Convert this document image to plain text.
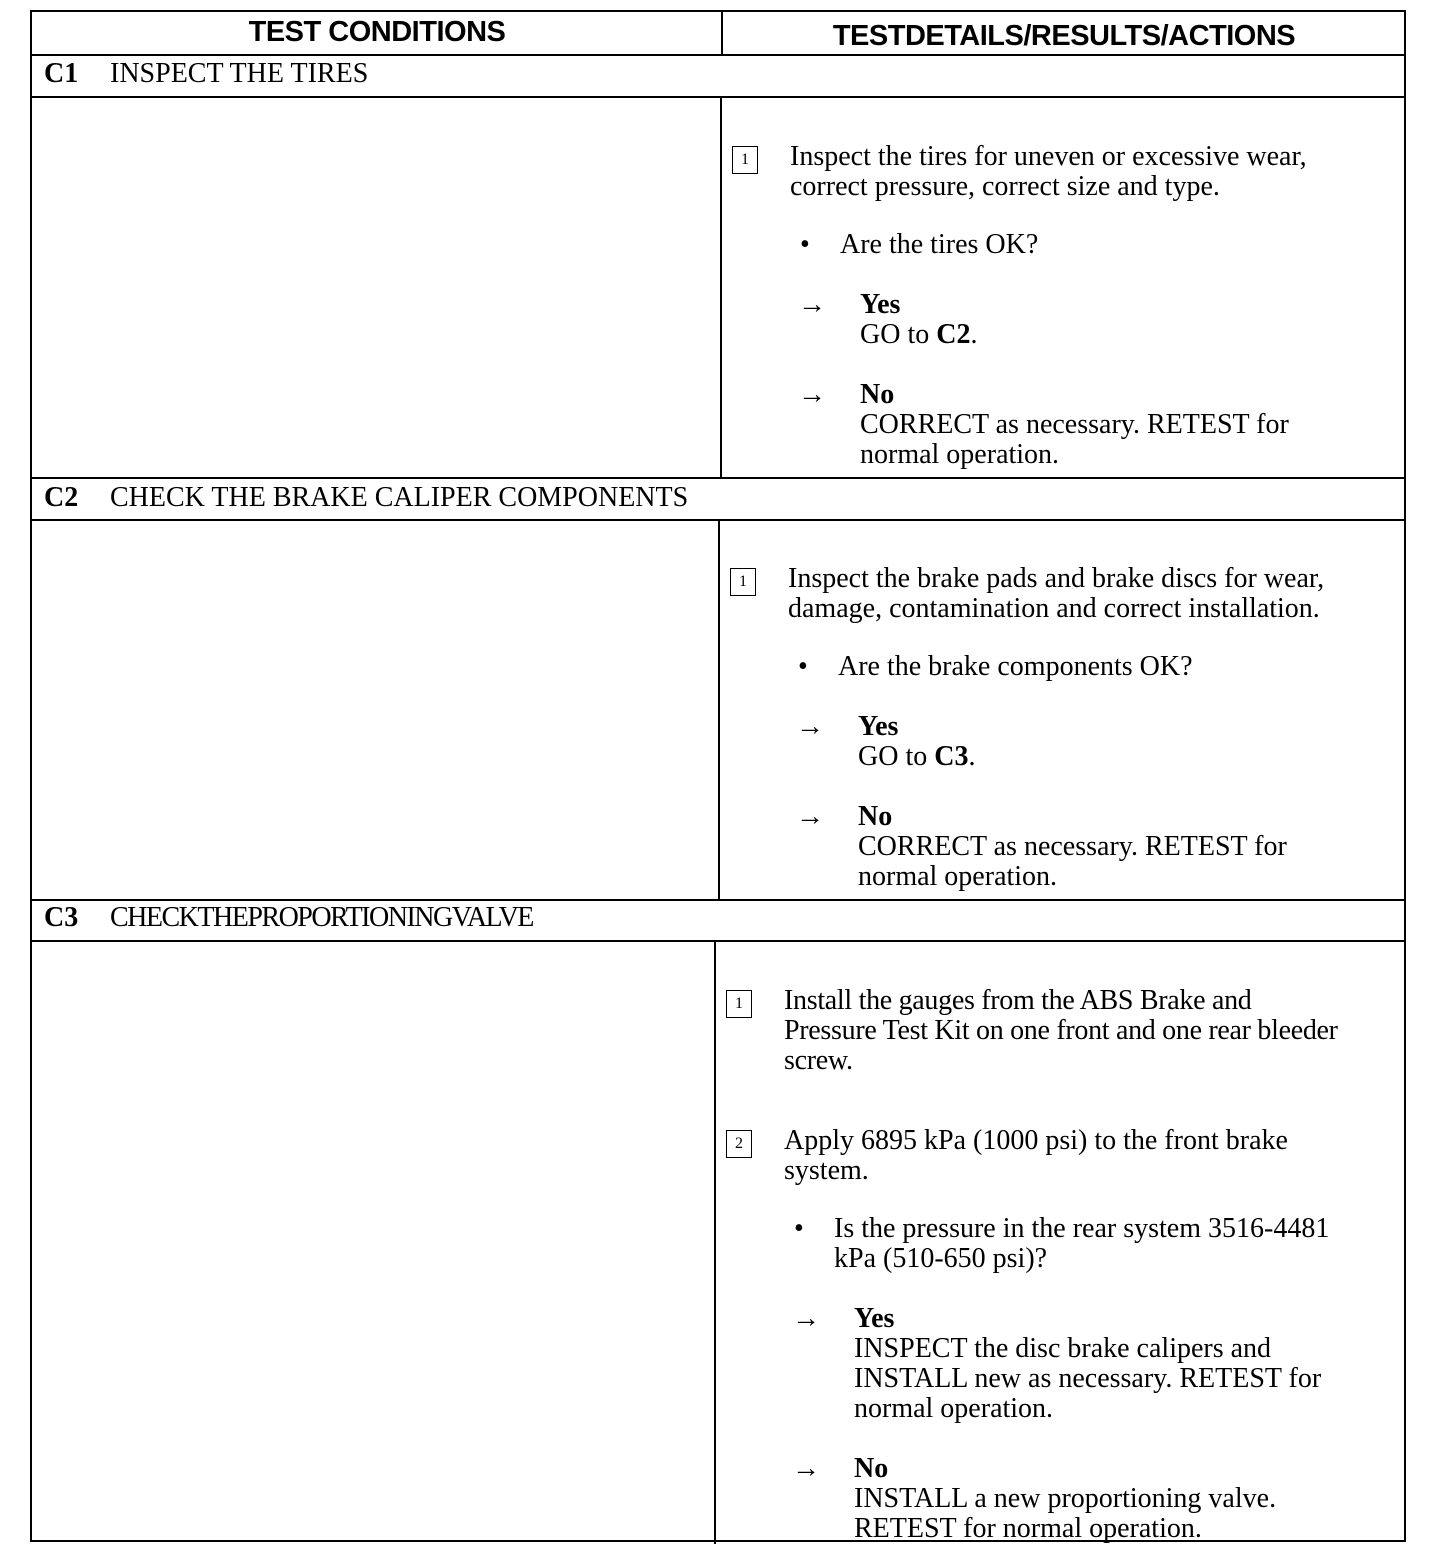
TEST CONDITIONS	TESTDETAILS/RESULTS/ACTIONS
C1 INSPECT THE TIRES
1	Inspect the tires for uneven or excessive wear,
correct pressure, correct size and type.
• Are the tires OK?
→ Yes
GO to C2.
→ No
CORRECT as necessary. RETEST for
normal operation.
C2 CHECK THE BRAKE CALIPER COMPONENTS
1	Inspect the brake pads and brake discs for wear,
damage, contamination and correct installation.
• Are the brake components OK?
→ Yes
GO to C3.
→ No
CORRECT as necessary. RETEST for
normal operation.
C3 CHECKTHEPROPORTIONINGVALVE
1	Install the gauges from the ABS Brake and
Pressure Test Kit on one front and one rear bleeder
screw.
2	Apply 6895 kPa (1000 psi) to the front brake
system.
• Is the pressure in the rear system 3516-4481
kPa (510-650 psi)?
→ Yes
INSPECT the disc brake calipers and
INSTALL new as necessary. RETEST for
normal operation.
→ No
INSTALL a new proportioning valve.
RETEST for normal operation.
